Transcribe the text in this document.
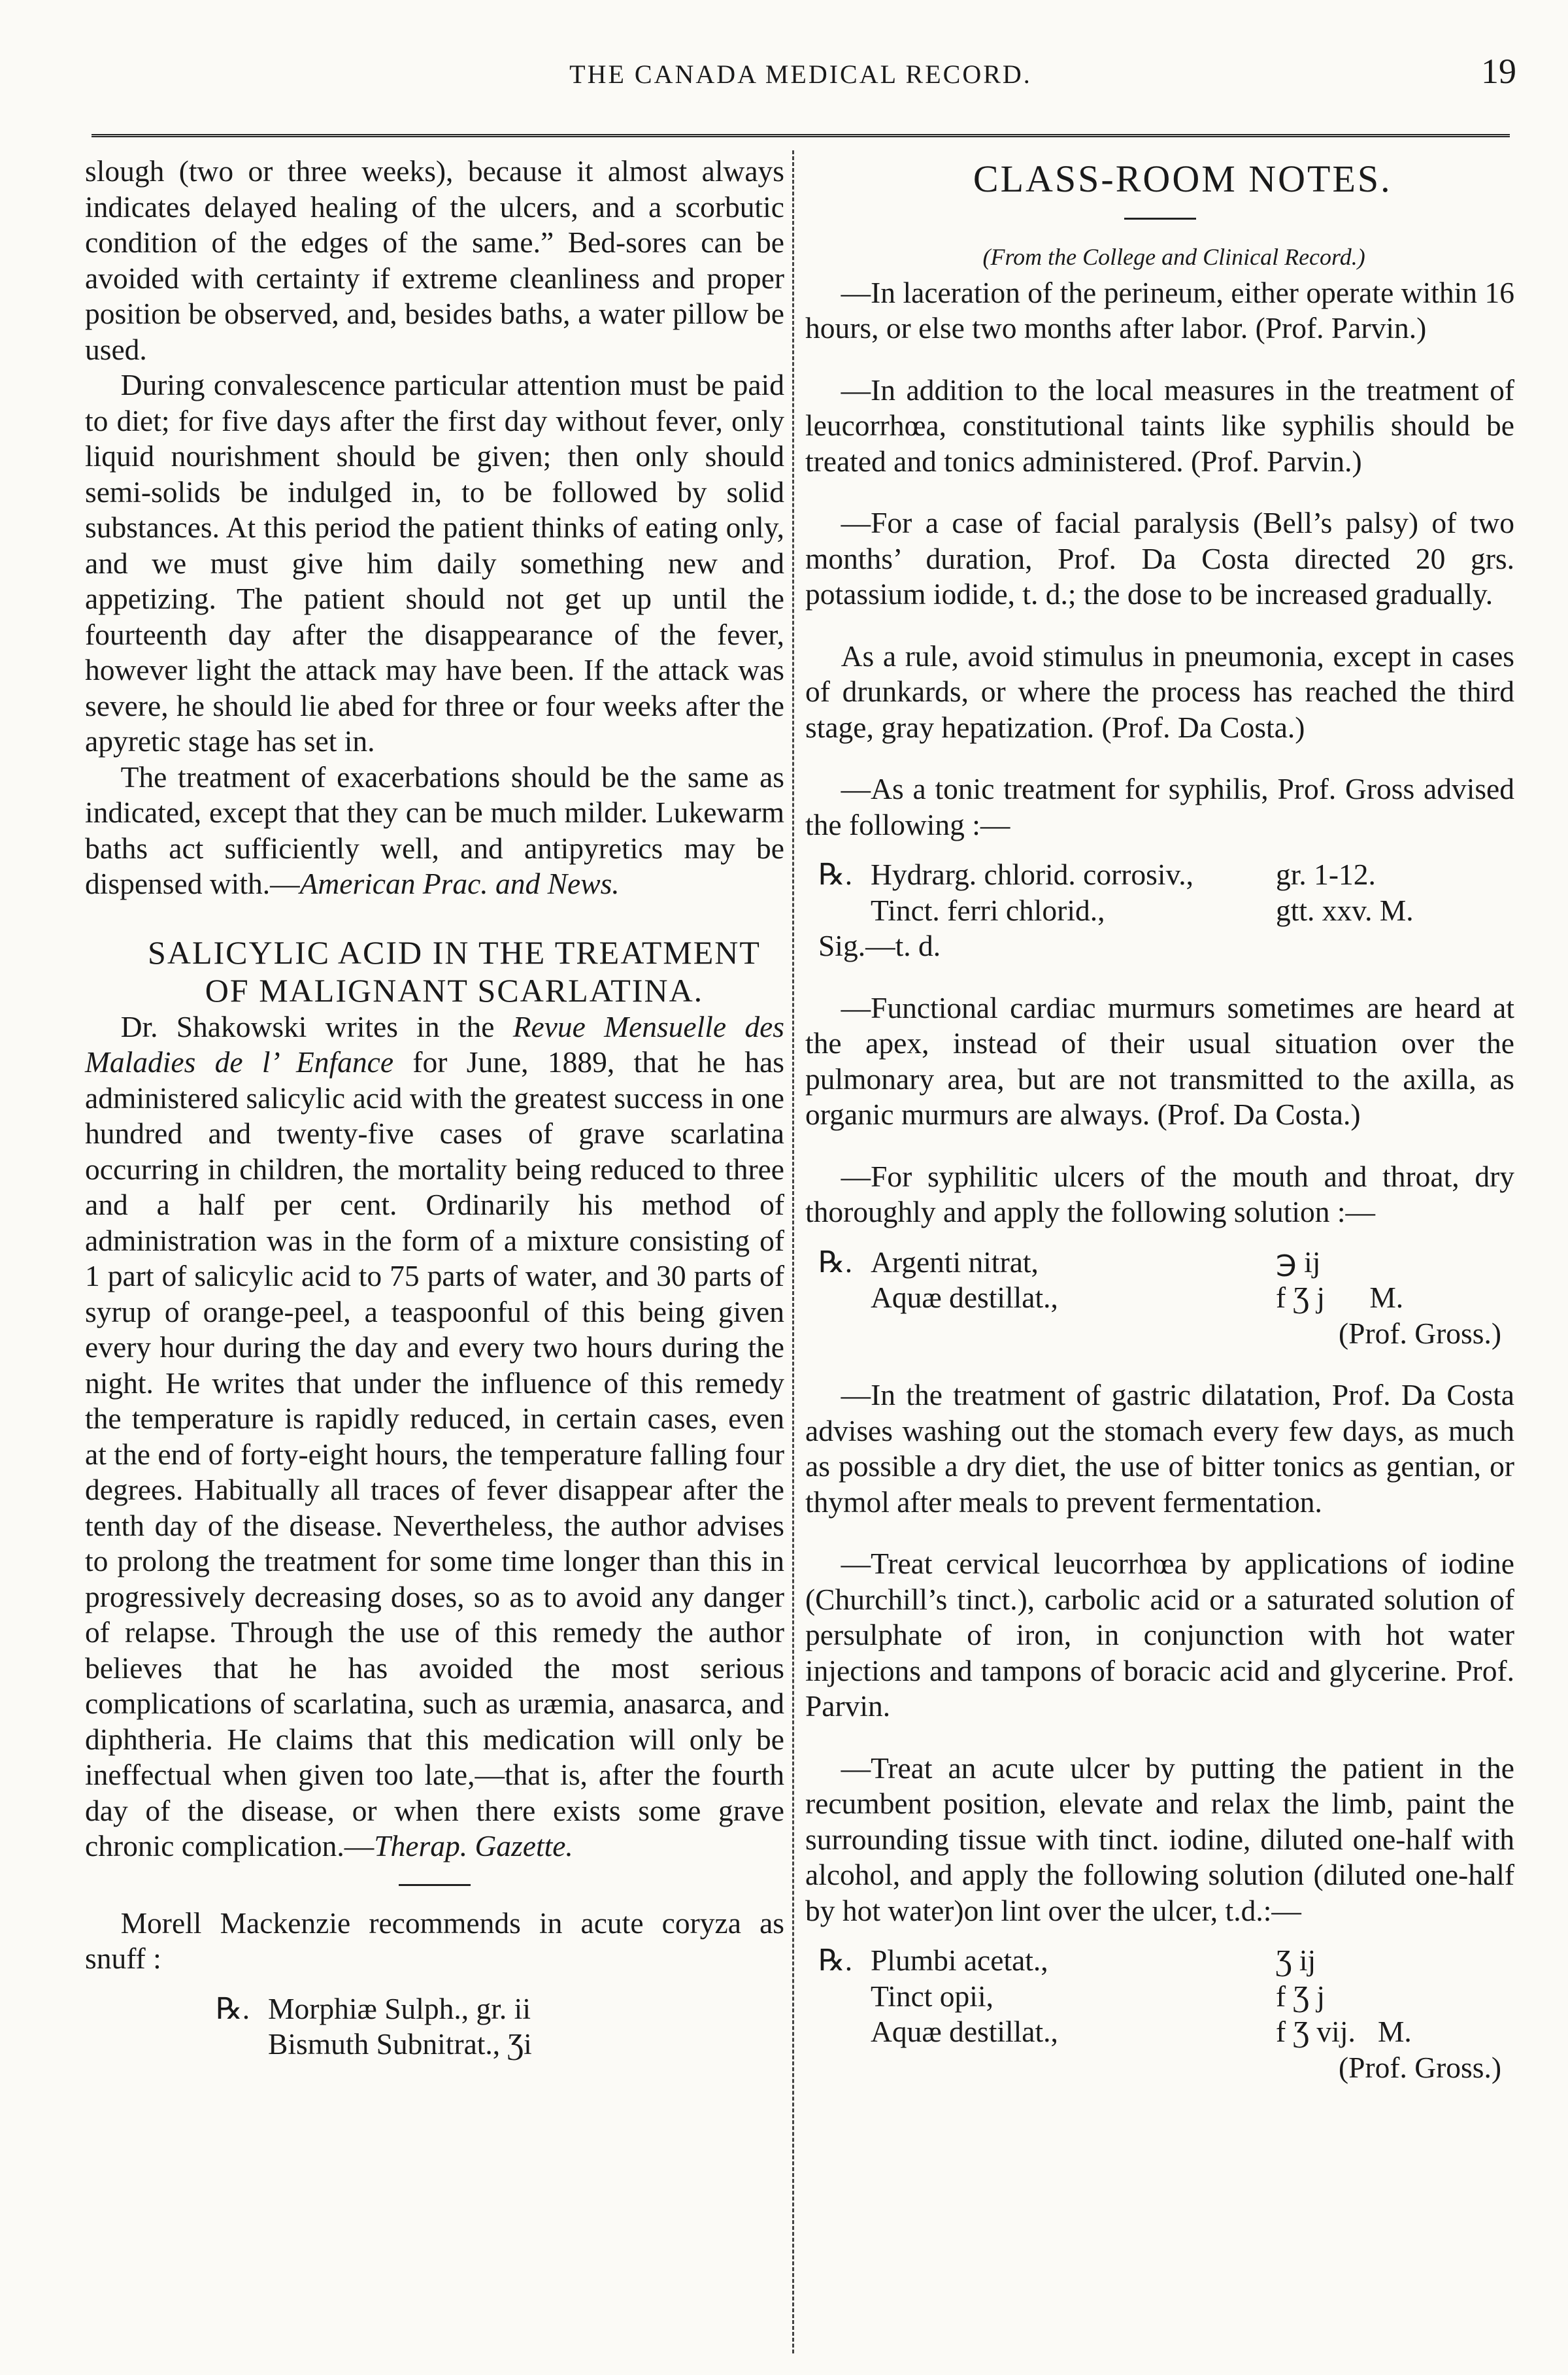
THE CANADA MEDICAL RECORD.	19

slough (two or three weeks), because it almost always indicates delayed healing of the ulcers, and a scorbutic condition of the edges of the same.” Bed-sores can be avoided with certainty if extreme cleanliness and proper position be observed, and, besides baths, a water pillow be used.

During convalescence particular attention must be paid to diet; for five days after the first day without fever, only liquid nourishment should be given; then only should semi-solids be indulged in, to be followed by solid substances. At this period the patient thinks of eating only, and we must give him daily something new and appetizing. The patient should not get up until the fourteenth day after the disappearance of the fever, however light the attack may have been. If the attack was severe, he should lie abed for three or four weeks after the apyretic stage has set in.

The treatment of exacerbations should be the same as indicated, except that they can be much milder. Lukewarm baths act sufficiently well, and antipyretics may be dispensed with.—American Prac. and News.

SALICYLIC ACID IN THE TREATMENT

OF MALIGNANT SCARLATINA.

Dr. Shakowski writes in the Revue Mensuelle des Maladies de l’ Enfance for June, 1889, that he has administered salicylic acid with the greatest success in one hundred and twenty-five cases of grave scarlatina occurring in children, the mortality being reduced to three and a half per cent. Ordinarily his method of administration was in the form of a mixture consisting of 1 part of salicylic acid to 75 parts of water, and 30 parts of syrup of orange-peel, a teaspoonful of this being given every hour during the day and every two hours during the night. He writes that under the influence of this remedy the temperature is rapidly reduced, in certain cases, even at the end of forty-eight hours, the temperature falling four degrees. Habitually all traces of fever disappear after the tenth day of the disease. Nevertheless, the author advises to prolong the treatment for some time longer than this in progressively decreasing doses, so as to avoid any danger of relapse. Through the use of this remedy the author believes that he has avoided the most serious complications of scarlatina, such as uræmia, anasarca, and diphtheria. He claims that this medication will only be ineffectual when given too late,—that is, after the fourth day of the disease, or when there exists some grave chronic complication.—Therap. Gazette.

Morell Mackenzie recommends in acute coryza as snuff :

℞. Morphiæ Sulph., gr. ii
Bismuth Subnitrat., Ʒi

CLASS-ROOM NOTES.

(From the College and Clinical Record.)

—In laceration of the perineum, either operate within 16 hours, or else two months after labor. (Prof. Parvin.)

—In addition to the local measures in the treatment of leucorrhœa, constitutional taints like syphilis should be treated and tonics administered. (Prof. Parvin.)

—For a case of facial paralysis (Bell’s palsy) of two months’ duration, Prof. Da Costa directed 20 grs. potassium iodide, t. d.; the dose to be increased gradually.

As a rule, avoid stimulus in pneumonia, except in cases of drunkards, or where the process has reached the third stage, gray hepatization. (Prof. Da Costa.)

—As a tonic treatment for syphilis, Prof. Gross advised the following :—

℞. Hydrarg. chlorid. corrosiv.,	gr. 1-12.
Tinct. ferri chlorid.,	gtt. xxv. M.
Sig.—t. d.

—Functional cardiac murmurs sometimes are heard at the apex, instead of their usual situation over the pulmonary area, but are not transmitted to the axilla, as organic murmurs are always. (Prof. Da Costa.)

—For syphilitic ulcers of the mouth and throat, dry thoroughly and apply the following solution :—

℞. Argenti nitrat,	℈ ij
Aquæ destillat.,	f Ʒ j      M.
(Prof. Gross.)

—In the treatment of gastric dilatation, Prof. Da Costa advises washing out the stomach every few days, as much as possible a dry diet, the use of bitter tonics as gentian, or thymol after meals to prevent fermentation.

—Treat cervical leucorrhœa by applications of iodine (Churchill’s tinct.), carbolic acid or a saturated solution of persulphate of iron, in conjunction with hot water injections and tampons of boracic acid and glycerine. Prof. Parvin.

—Treat an acute ulcer by putting the patient in the recumbent position, elevate and relax the limb, paint the surrounding tissue with tinct. iodine, diluted one-half with alcohol, and apply the following solution (diluted one-half by hot water)on lint over the ulcer, t.d.:—

℞. Plumbi acetat.,	Ʒ ij
Tinct opii,	f Ʒ j
Aquæ destillat.,	f Ʒ vij.   M.
(Prof. Gross.)
